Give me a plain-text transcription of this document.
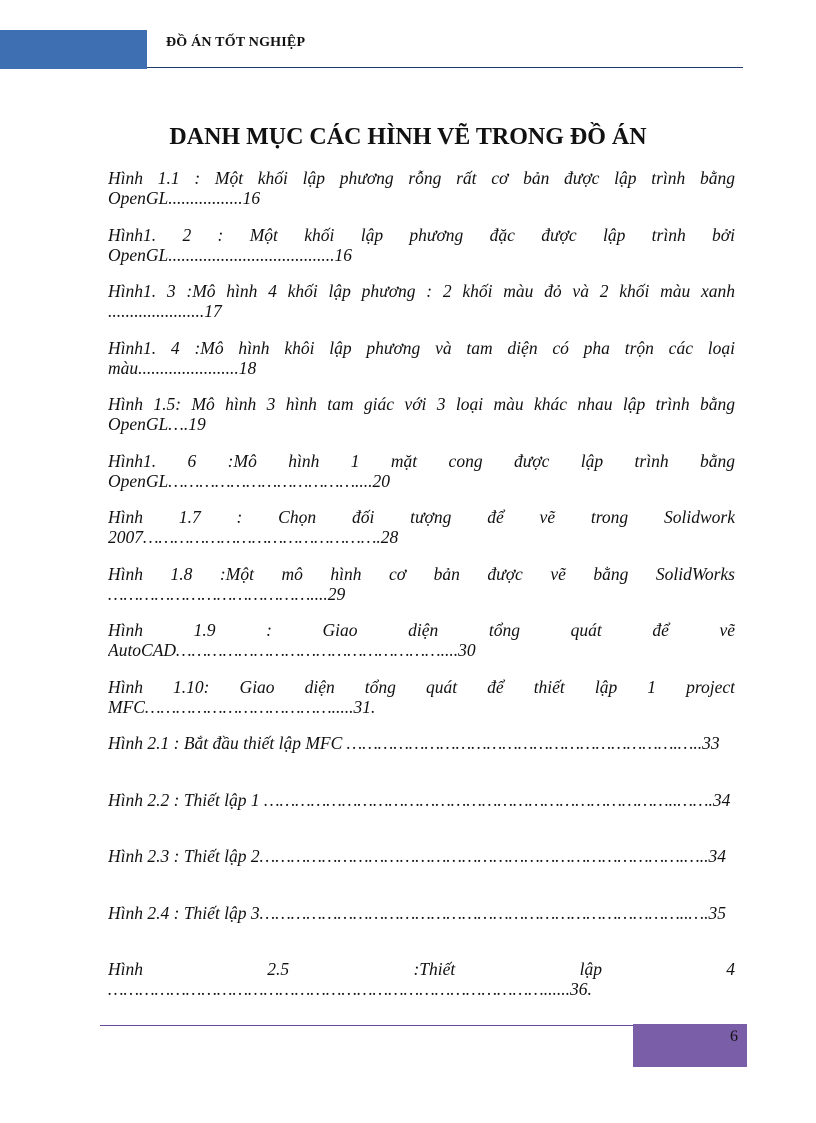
ĐỒ ÁN TỐT NGHIỆP
DANH MỤC CÁC HÌNH VẼ TRONG ĐỒ ÁN
Hình 1.1 : Một khối lập phương rỗng rất cơ bản được lập trình bằng OpenGL.................16
Hình1. 2 : Một khối lập phương đặc được lập trình bởi OpenGL......................................16
Hình1. 3 :Mô hình 4 khối lập phương : 2 khối màu đỏ và 2 khối màu xanh ......................17
Hình1. 4 :Mô hình khôi lập phương và tam diện có pha trộn các loại màu.......................18
Hình 1.5: Mô hình 3 hình tam giác với 3 loại màu khác nhau lập trình bằng OpenGL….19
Hình1. 6 :Mô hình 1 mặt cong được lập trình bằng OpenGL………………………………....20
Hình 1.7 : Chọn đối tượng để vẽ trong Solidwork 2007……………………………………….28
Hình 1.8 :Một mô hình cơ bản được vẽ bằng SolidWorks …………………………………....29
Hình 1.9 : Giao diện tổng quát để vẽ AutoCAD……………………………………………....30
Hình 1.10: Giao diện tổng quát để thiết lập 1 project MFC……………………………….....31.
Hình 2.1 : Bắt đầu thiết lập MFC ……………………………………………………….…..33
Hình 2.2 : Thiết lập 1 ……………………………………………………………………..…….34
Hình 2.3 : Thiết lập 2……………………………………………………………………….…..34
Hình 2.4 : Thiết lập 3………………………………………………………………………..….35
Hình 2.5 :Thiết lập 4 …………………………………………………………………………......36.
6
